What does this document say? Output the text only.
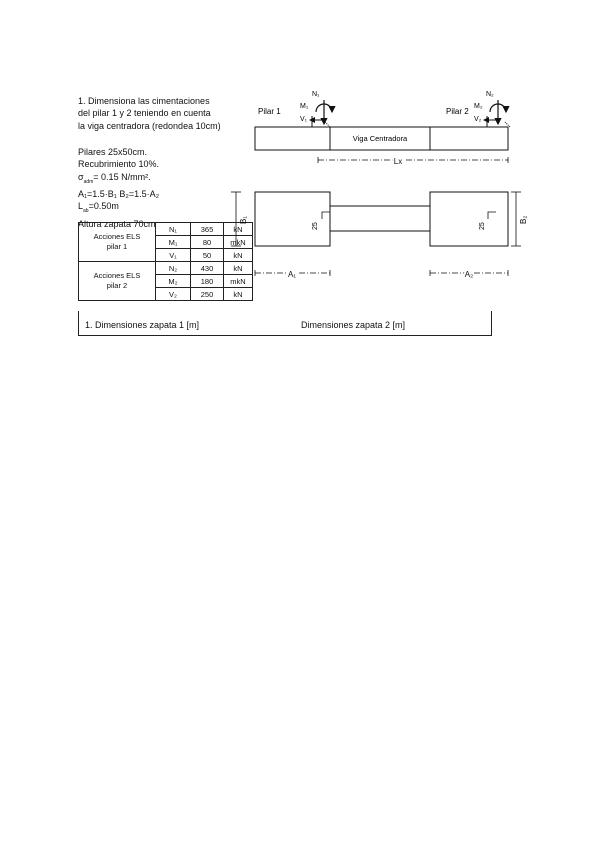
1. Dimensiona las cimentaciones
del pilar 1 y 2 teniendo en cuenta
la viga centradora (redondea 10cm)
Pilares 25x50cm.
Recubrimiento 10%.
$\sigma_{adm}= 0.15$ N/mm².
A₁=1.5·B₁ B₂=1.5·A₂
$L_{ab}=0.50m$
Altura zapata 70cm
Acciones ELS
pilar 1	N₁	365	kN
	M₁	80	mkN
	V₁	50	kN
Acciones ELS
pilar 2	N₂	430	kN
	M₂	180	mkN
	V₂	250	kN
Viga Centradora
Pilar 1
N₁
M₁
V₁
Pilar 2
N₂
M₂
V₂
Lx
25	25
B₁	B₂
A₁	A₂
1. Dimensiones zapata 1 [m]	Dimensiones zapata 2 [m]
